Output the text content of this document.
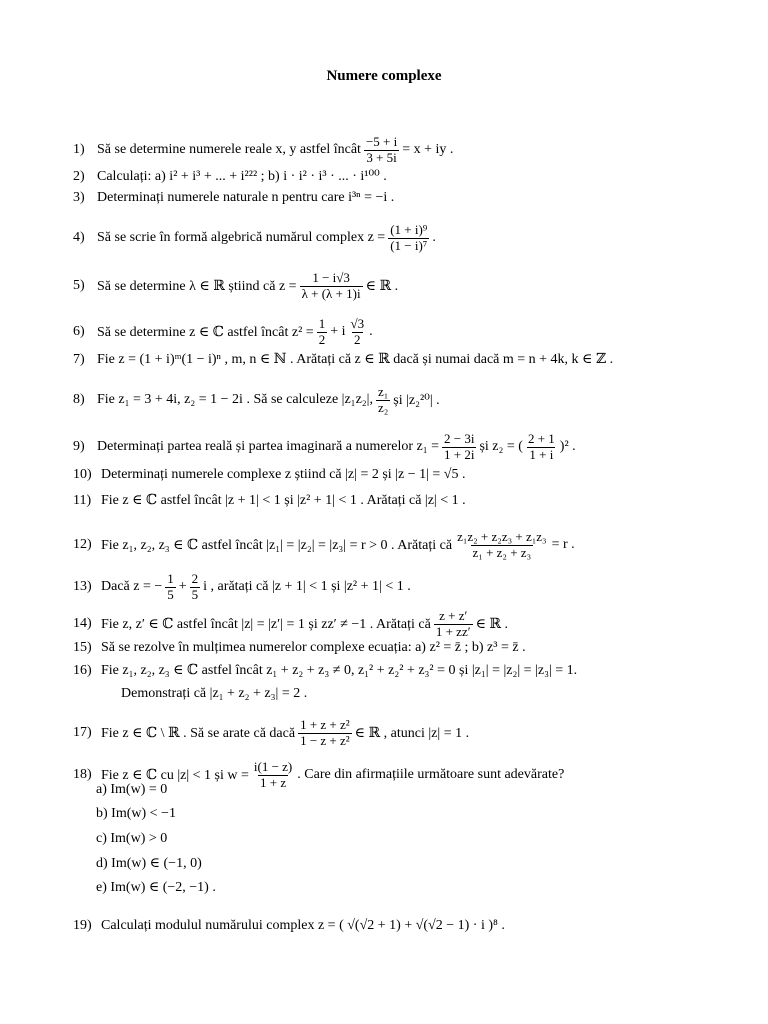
Numere complexe
1) Să se determine numerele reale x, y astfel încât $\frac{-5 + i}{3 + 5i} = x$ + iy .
2) Calculați: a) i² + i³ + ... + i²²² ; b) i · i² · i³ · ... · i¹⁰⁰ .
3) Determinați numerele naturale n pentru care i³ⁿ = −i .
4) Să se scrie în formă algebrică numărul complex $z = \frac{\text{(1 + i)⁹}}{\text{(1 − i)⁷}}$ .
5) Să se determine λ ∈ ℝ știind că $z = \frac{1 - i√3}{\lambda + (\lambda + 1)i}$ ∈ ℝ .
6) Să se determine z ∈ ℂ astfel încât $z^2 = \frac{1}{2} + i \frac{√3}{2}$ .
7) Fie z = (1 + i)ᵐ(1 − i)ⁿ , m, n ∈ ℕ . Arătați că z ∈ ℝ dacă și numai dacă m = n + 4k, k ∈ ℤ .
8) Fie z₁ = 3 + 4i, z₂ = 1 − 2i . Să se calculeze |z₁z₂|, $\frac{\text{z₁}}{\text{z₂}}$ și |z₂²⁰| .
9) Determinați partea reală și partea imaginară a numerelor $z_1 = \frac{2 - 3i}{1 + 2i}$ și z₂ = ( $\frac{2 + 1}{1 + i} )^2$ .
10) Determinați numerele complexe z știind că |z| = 2 și |z − 1| = √5 .
11) Fie z ∈ ℂ astfel încât |z + 1| < 1 și |z² + 1| < 1 . Arătați că |z| < 1 .
12) Fie z₁, z₂, z₃ ∈ ℂ astfel încât |z₁| = |z₂| = |z₃| = r > 0 . Arătați că $\frac{\text{z₁z₂ + z₂z₃ + z₁z₃}}{\text{z₁ + z₂ + z₃}} = r$ .
13) Dacă z = − $\frac{1}{5} + \frac{2}{5}$ i , arătați că |z + 1| < 1 și |z² + 1| < 1 .
14) Fie z, z′ ∈ ℂ astfel încât |z| = |z′| = 1 și zz′ ≠ −1 . Arătați că $\frac{z + z'}{1 + zz'}$ ∈ ℝ .
15) Să se rezolve în mulțimea numerelor complexe ecuația: a) z² = z̄ ; b) z³ = z̄ .
16) Fie z₁, z₂, z₃ ∈ ℂ astfel încât z₁ + z₂ + z₃ ≠ 0, z₁² + z₂² + z₃² = 0 și |z₁| = |z₂| = |z₃| = 1.
Demonstrați că |z₁ + z₂ + z₃| = 2 .
17) Fie z ∈ ℂ \ ℝ . Să se arate că dacă $\frac{\text{1 + z + z²}}{\text{1 − z + z²}}$ ∈ ℝ , atunci |z| = 1 .
18) Fie z ∈ ℂ cu |z| < 1 și $w = \frac{i(1 - z)}{1 + z}$ . Care din afirmațiile următoare sunt adevărate?
19) Calculați modulul numărului complex z = ( √(√2 + 1) + √(√2 − 1) · i )⁸ .
a) Im(w) = 0
b) Im(w) < −1
c) Im(w) > 0
d) Im(w) ∈ (−1, 0)
e) Im(w) ∈ (−2, −1) .
